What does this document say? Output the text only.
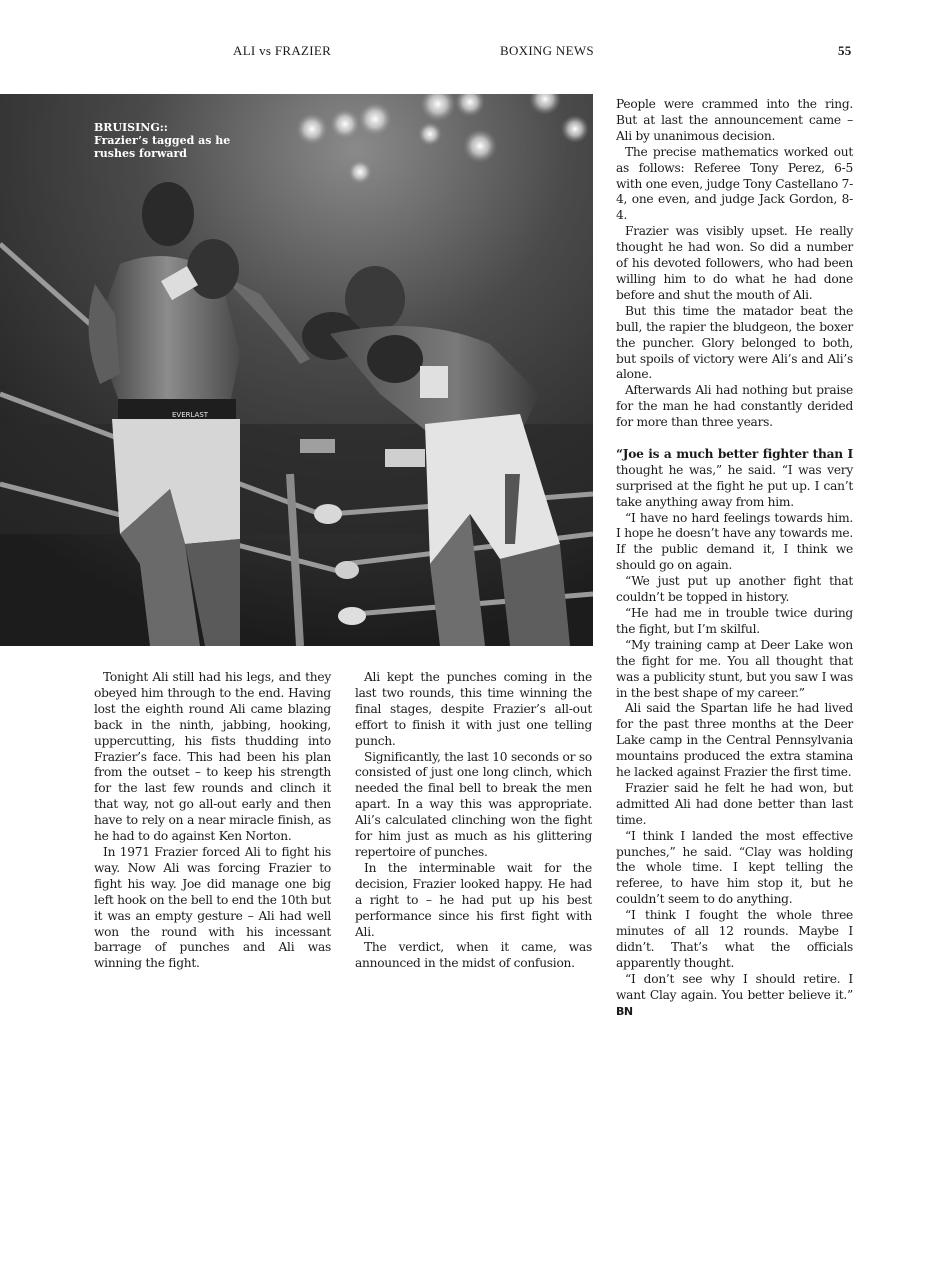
ALI vs FRAZIER	BOXING NEWS	55
EVERLAST
BRUISING::
Frazier’s tagged as he rushes forward

Tonight Ali still had his legs, and they obeyed him through to the end. Having lost the eighth round Ali came blazing back in the ninth, jabbing, hooking, uppercutting, his fists thudding into Frazier’s face. This had been his plan from the outset – to keep his strength for the last few rounds and clinch it that way, not go all-out early and then have to rely on a near miracle finish, as he had to do against Ken Norton.

In 1971 Frazier forced Ali to fight his way. Now Ali was forcing Frazier to fight his way. Joe did manage one big left hook on the bell to end the 10th but it was an empty gesture – Ali had well won the round with his incessant barrage of punches and Ali was winning the fight.

Ali kept the punches coming in the last two rounds, this time winning the final stages, despite Frazier’s all-out effort to finish it with just one telling punch.

Significantly, the last 10 seconds or so consisted of just one long clinch, which needed the final bell to break the men apart. In a way this was appropriate. Ali’s calculated clinching won the fight for him just as much as his glittering repertoire of punches.

In the interminable wait for the decision, Frazier looked happy. He had a right to – he had put up his best performance since his first fight with Ali.

The verdict, when it came, was announced in the midst of confusion.

People were crammed into the ring. But at last the announcement came – Ali by unanimous decision.

The precise mathematics worked out as follows: Referee Tony Perez, 6-5 with one even, judge Tony Castellano 7-4, one even, and judge Jack Gordon, 8-4.

Frazier was visibly upset. He really thought he had won. So did a number of his devoted followers, who had been willing him to do what he had done before and shut the mouth of Ali.

But this time the matador beat the bull, the rapier the bludgeon, the boxer the puncher. Glory belonged to both, but spoils of victory were Ali’s and Ali’s alone.

Afterwards Ali had nothing but praise for the man he had constantly derided for more than three years.

“Joe is a much better fighter than I thought he was,” he said. “I was very surprised at the fight he put up. I can’t take anything away from him.

“I have no hard feelings towards him. I hope he doesn’t have any towards me. If the public demand it, I think we should go on again.

“We just put up another fight that couldn’t be topped in history.

“He had me in trouble twice during the fight, but I’m skilful.

“My training camp at Deer Lake won the fight for me. You all thought that was a publicity stunt, but you saw I was in the best shape of my career.”

Ali said the Spartan life he had lived for the past three months at the Deer Lake camp in the Central Pennsylvania mountains produced the extra stamina he lacked against Frazier the first time.

Frazier said he felt he had won, but admitted Ali had done better than last time.

“I think I landed the most effective punches,” he said. “Clay was holding the whole time. I kept telling the referee, to have him stop it, but he couldn’t seem to do anything.

“I think I fought the whole three minutes of all 12 rounds. Maybe I didn’t. That’s what the officials apparently thought.

“I don’t see why I should retire. I want Clay again. You better believe it.” BN
